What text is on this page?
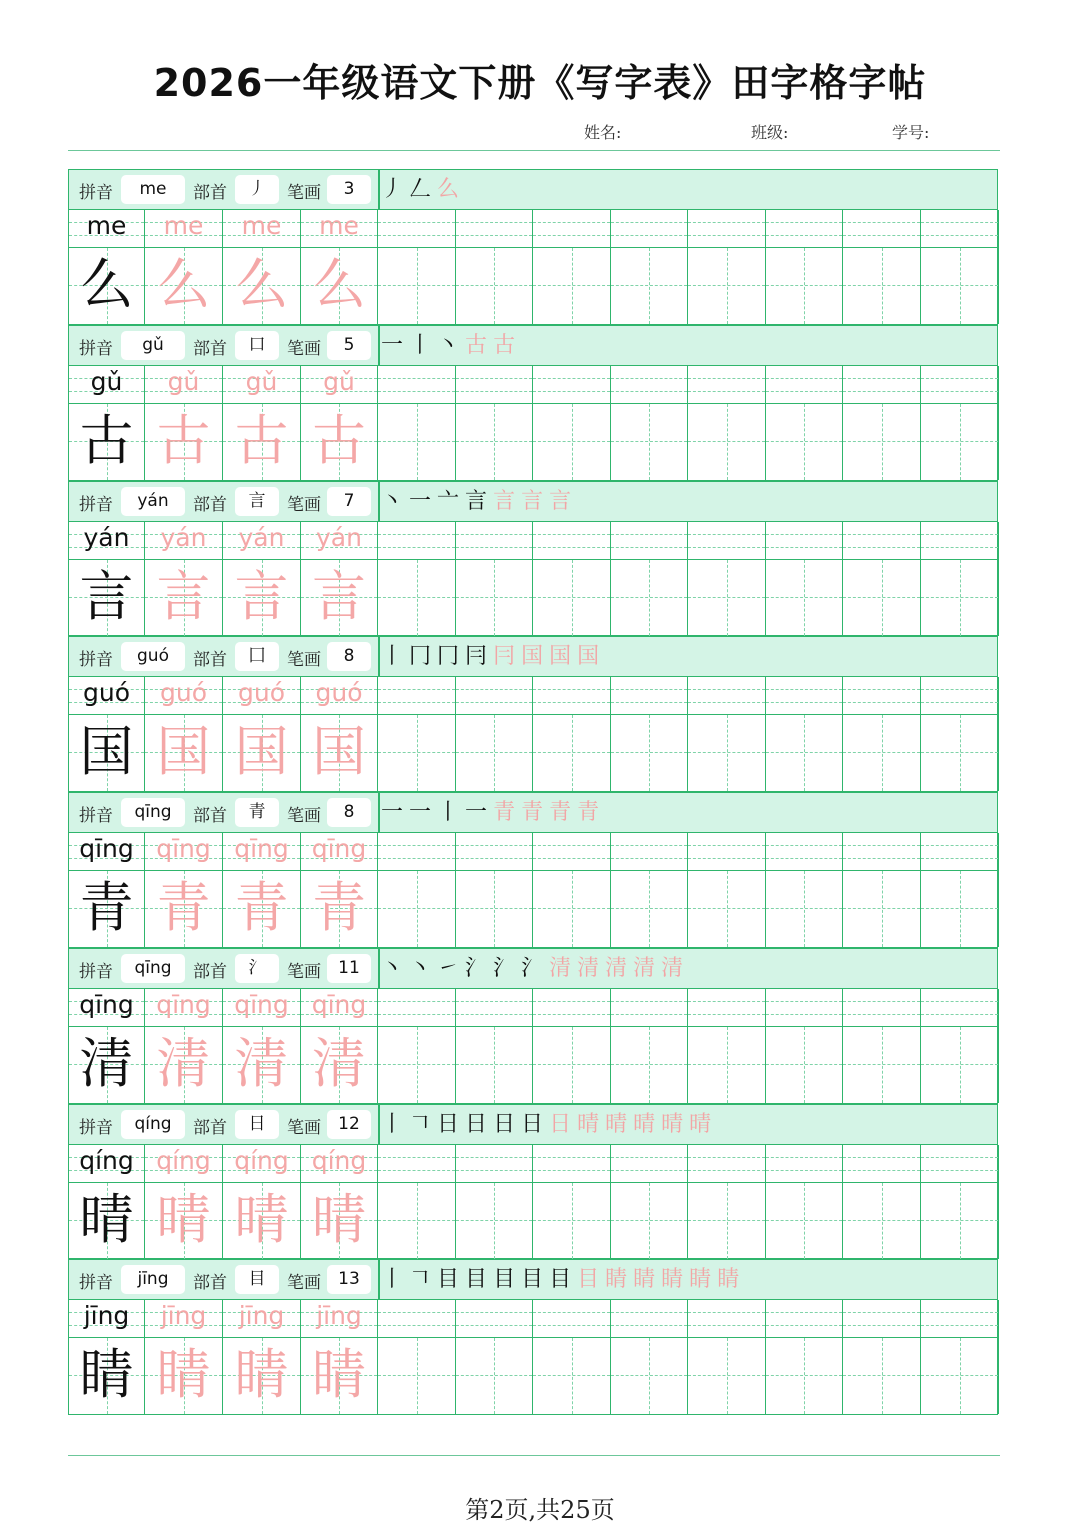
2026一年级语文下册《写字表》田字格字帖
姓名:	班级:	学号:
拼音	me	部首	丿	笔画	3	丿 𠃋 么
me
么
me
么
me
么
me
么
拼音	gǔ	部首	口	笔画	5	一 丨 丶 古 古
gǔ
古
gǔ
古
gǔ
古
gǔ
古
拼音	yán	部首	言	笔画	7	丶 一 亠 言 言 言 言
yán
言
yán
言
yán
言
yán
言
拼音	guó	部首	囗	笔画	8	丨 冂 冂 冃 冃 国 国 国
guó
国
guó
国
guó
国
guó
国
拼音	qīng	部首	青	笔画	8	一 一 丨 一 青 青 青 青
qīng
青
qīng
青
qīng
青
qīng
青
拼音	qīng	部首	氵	笔画	11 丶 丶 ㇀ 氵 氵 氵 清 清 清 清 清
qīng
清
qīng
清
qīng
清
qīng
清
拼音	qíng	部首	日	笔画	12 丨 𠃍 日 日 日 日 日 晴 晴 晴 晴 晴
qíng
晴
qíng
晴
qíng
晴
qíng
晴
拼音	jīng	部首	目	笔画	13 丨 𠃍 目 目 目 目 目 目 睛 睛 睛 睛 睛
jīng
睛
jīng
睛
jīng
睛
jīng
睛
第2页,共25页
